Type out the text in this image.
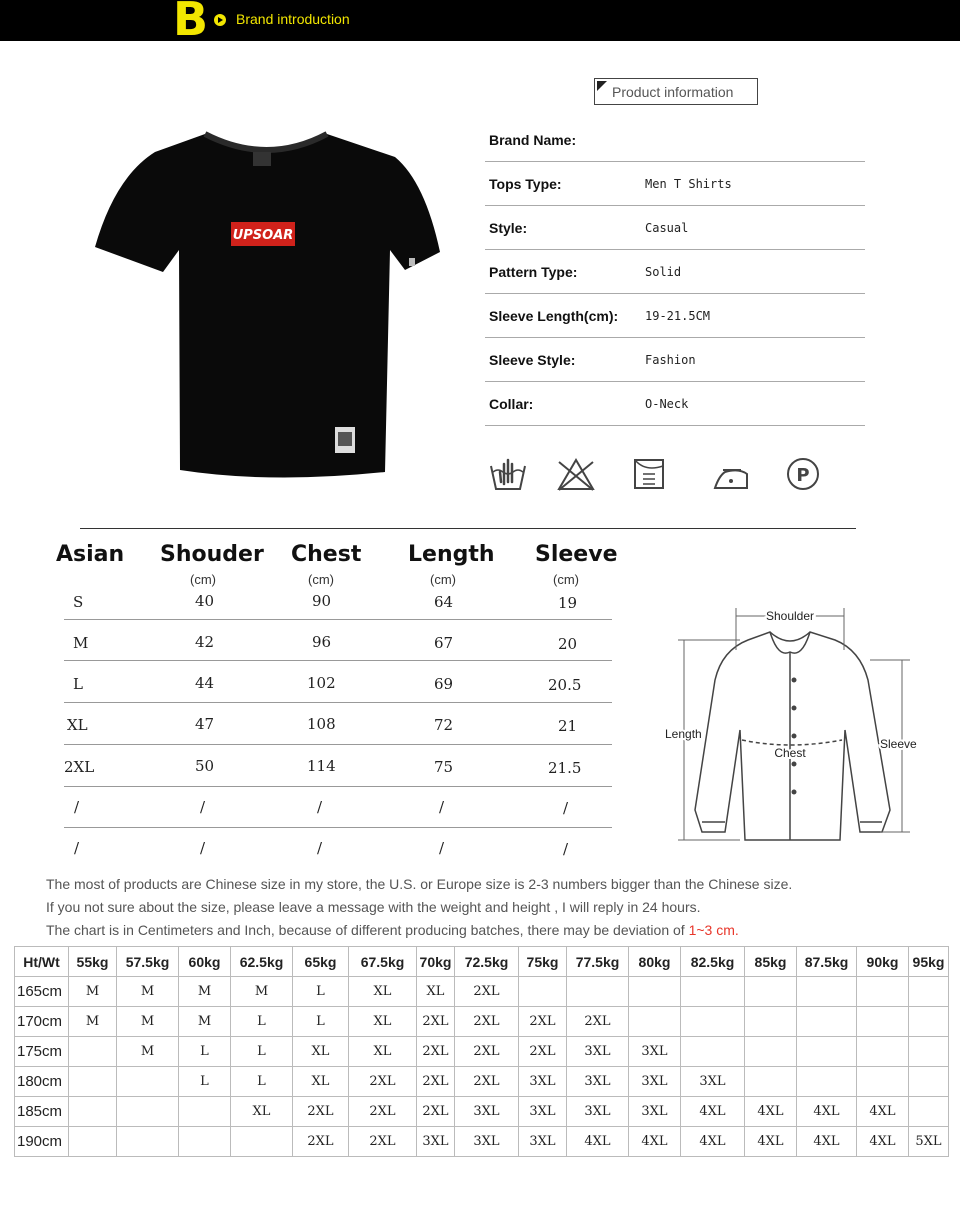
B Brand introduction
UPSOAR
Product information
Brand Name:
Tops Type:	Men T Shirts
Style:	Casual
Pattern Type:	Solid
Sleeve Length(cm): 19-21.5CM
Sleeve Style:	Fashion
Collar:	O-Neck
P
Asian Shouder Chest Length Sleeve
(cm)	(cm)	(cm)	(cm)
S	40	90	64	19
M	42	96	67	20
L	44	102	69	20.5
XL	47	108	72	21
2XL	50	114	75	21.5
/	/	/	/	/
/	/	/	/	/
Shoulder
Length
Chest
Sleeve
The most of products are Chinese size in my store, the U.S. or Europe size is 2-3 numbers bigger than the Chinese size.
If you not sure about the size, please leave a message with the weight and height , I will reply in 24 hours.
The chart is in Centimeters and Inch, because of different producing batches, there may be deviation of 1~3 cm.
Ht/Wt	55kg	57.5kg	60kg	62.5kg	65kg	67.5kg	70kg	72.5kg	75kg	77.5kg	80kg	82.5kg	85kg	87.5kg	90kg	95kg
165cm	M	M	M	M	L	XL	XL	2XL								
170cm	M	M	M	L	L	XL	2XL	2XL	2XL	2XL						
175cm		M	L	L	XL	XL	2XL	2XL	2XL	3XL	3XL					
180cm			L	L	XL	2XL	2XL	2XL	3XL	3XL	3XL	3XL				
185cm				XL	2XL	2XL	2XL	3XL	3XL	3XL	3XL	4XL	4XL	4XL	4XL	
190cm					2XL	2XL	3XL	3XL	3XL	4XL	4XL	4XL	4XL	4XL	4XL	5XL
